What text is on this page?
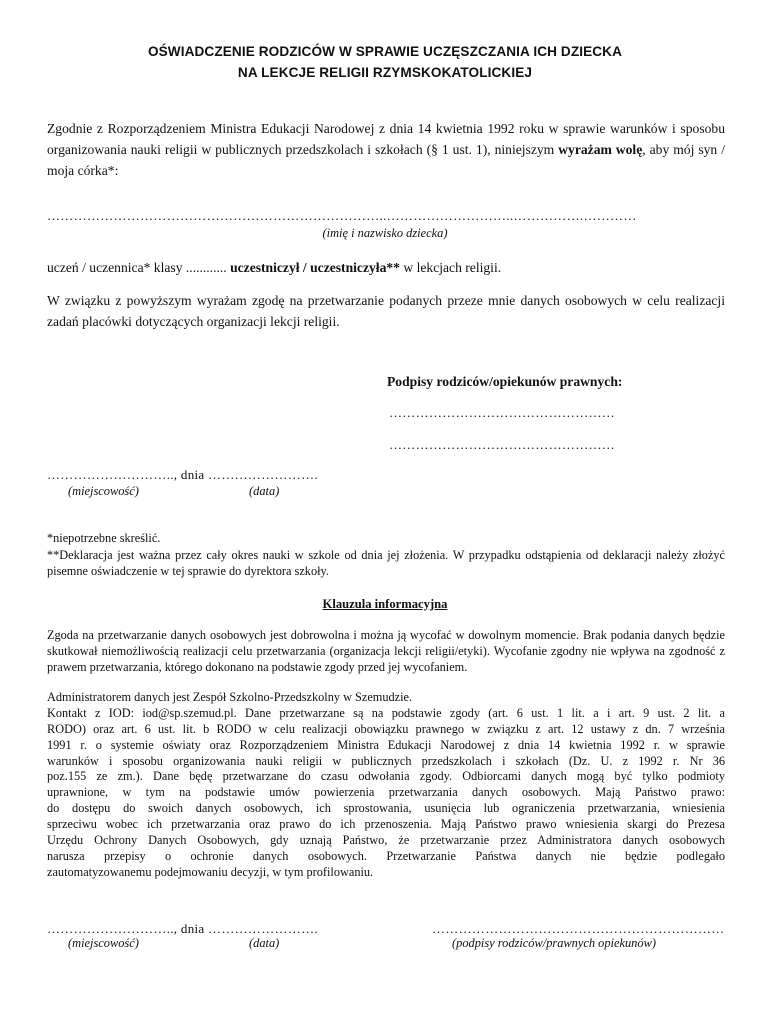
OŚWIADCZENIE RODZICÓW W SPRAWIE UCZĘSZCZANIA ICH DZIECKA
NA LEKCJE RELIGII RZYMSKOKATOLICKIEJ
Zgodnie z Rozporządzeniem Ministra Edukacji Narodowej z dnia 14 kwietnia 1992 roku w sprawie warunków i sposobu organizowania nauki religii w publicznych przedszkolach i szkołach (§ 1 ust. 1), niniejszym wyrażam wolę, aby mój syn / moja córka*:
…………………………………………………………………..………………………..…………….…………
(imię i nazwisko dziecka)
uczeń / uczennica* klasy ............ uczestniczył / uczestniczyła** w lekcjach religii.
W związku z powyższym wyrażam zgodę na przetwarzanie podanych przeze mnie danych osobowych w celu realizacji zadań placówki dotyczących organizacji lekcji religii.
Podpisy rodziców/opiekunów prawnych:
……………………………………………
……………………………………………
……………………….., dnia …………………….
(miejscowość)	(data)
*niepotrzebne skreślić.
**Deklaracja jest ważna przez cały okres nauki w szkole od dnia jej złożenia. W przypadku odstąpienia od deklaracji należy złożyć pisemne oświadczenie w tej sprawie do dyrektora szkoły.
Klauzula informacyjna
Zgoda na przetwarzanie danych osobowych jest dobrowolna i można ją wycofać w dowolnym momencie. Brak podania danych będzie skutkował niemożliwością realizacji celu przetwarzania (organizacja lekcji religii/etyki). Wycofanie zgodny nie wpływa na zgodność z prawem przetwarzania, którego dokonano na podstawie zgody przed jej wycofaniem.
Administratorem danych jest Zespół Szkolno-Przedszkolny w Szemudzie.
Kontakt z IOD: iod@sp.szemud.pl. Dane przetwarzane są na podstawie zgody (art. 6 ust. 1 lit. a i art. 9 ust. 2 lit. a
RODO) oraz art. 6 ust. lit. b RODO w celu realizacji obowiązku prawnego w związku z art. 12 ustawy z dn. 7 września
1991 r. o systemie oświaty oraz Rozporządzeniem Ministra Edukacji Narodowej z dnia 14 kwietnia 1992 r. w sprawie
warunków i sposobu organizowania nauki religii w publicznych przedszkolach i szkołach (Dz. U. z 1992 r. Nr 36
poz.155 ze zm.). Dane będę przetwarzane do czasu odwołania zgody. Odbiorcami danych mogą być tylko podmioty
uprawnione, w tym na podstawie umów powierzenia przetwarzania danych osobowych. Mają Państwo prawo:
do dostępu do swoich danych osobowych, ich sprostowania, usunięcia lub ograniczenia przetwarzania, wniesienia
sprzeciwu wobec ich przetwarzania oraz prawo do ich przenoszenia. Mają Państwo prawo wniesienia skargi do Prezesa
Urzędu Ochrony Danych Osobowych, gdy uznają Państwo, że przetwarzanie przez Administratora danych osobowych
narusza przepisy o ochronie danych osobowych. Przetwarzanie Państwa danych nie będzie podlegało
zautomatyzowanemu podejmowaniu decyzji, w tym profilowaniu.
……………………….., dnia …………………….
(miejscowość)	(data)
…………………………………………………………
(podpisy rodziców/prawnych opiekunów)
